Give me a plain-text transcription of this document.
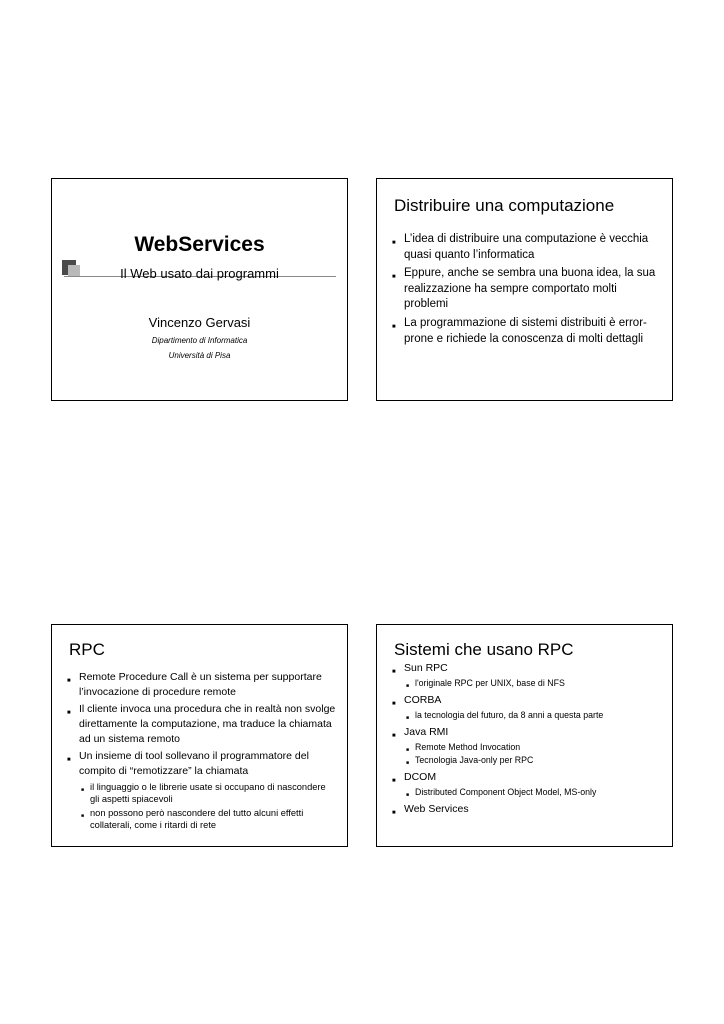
WebServices
Il Web usato dai programmi
Vincenzo Gervasi
Dipartimento di Informatica
Università di Pisa
Distribuire una computazione
■ L’idea di distribuire una computazione è vecchia quasi quanto l’informatica
■ Eppure, anche se sembra una buona idea, la sua realizzazione ha sempre comportato molti problemi
■ La programmazione di sistemi distribuiti è error-prone e richiede la conoscenza di molti dettagli
RPC
■ Remote Procedure Call è un sistema per supportare l’invocazione di procedure remote
■ Il cliente invoca una procedura che in realtà non svolge direttamente la computazione, ma traduce la chiamata ad un sistema remoto
■ Un insieme di tool sollevano il programmatore del compito di “remotizzare” la chiamata
■ il linguaggio o le librerie usate si occupano di nascondere gli aspetti spiacevoli
■ non possono però nascondere del tutto alcuni effetti collaterali, come i ritardi di rete
Sistemi che usano RPC
■ Sun RPC
■ l'originale RPC per UNIX, base di NFS
■ CORBA
■ la tecnologia del futuro, da 8 anni a questa parte
■ Java RMI
■ Remote Method Invocation
■ Tecnologia Java-only per RPC
■ DCOM
■ Distributed Component Object Model, MS-only
■ Web Services
